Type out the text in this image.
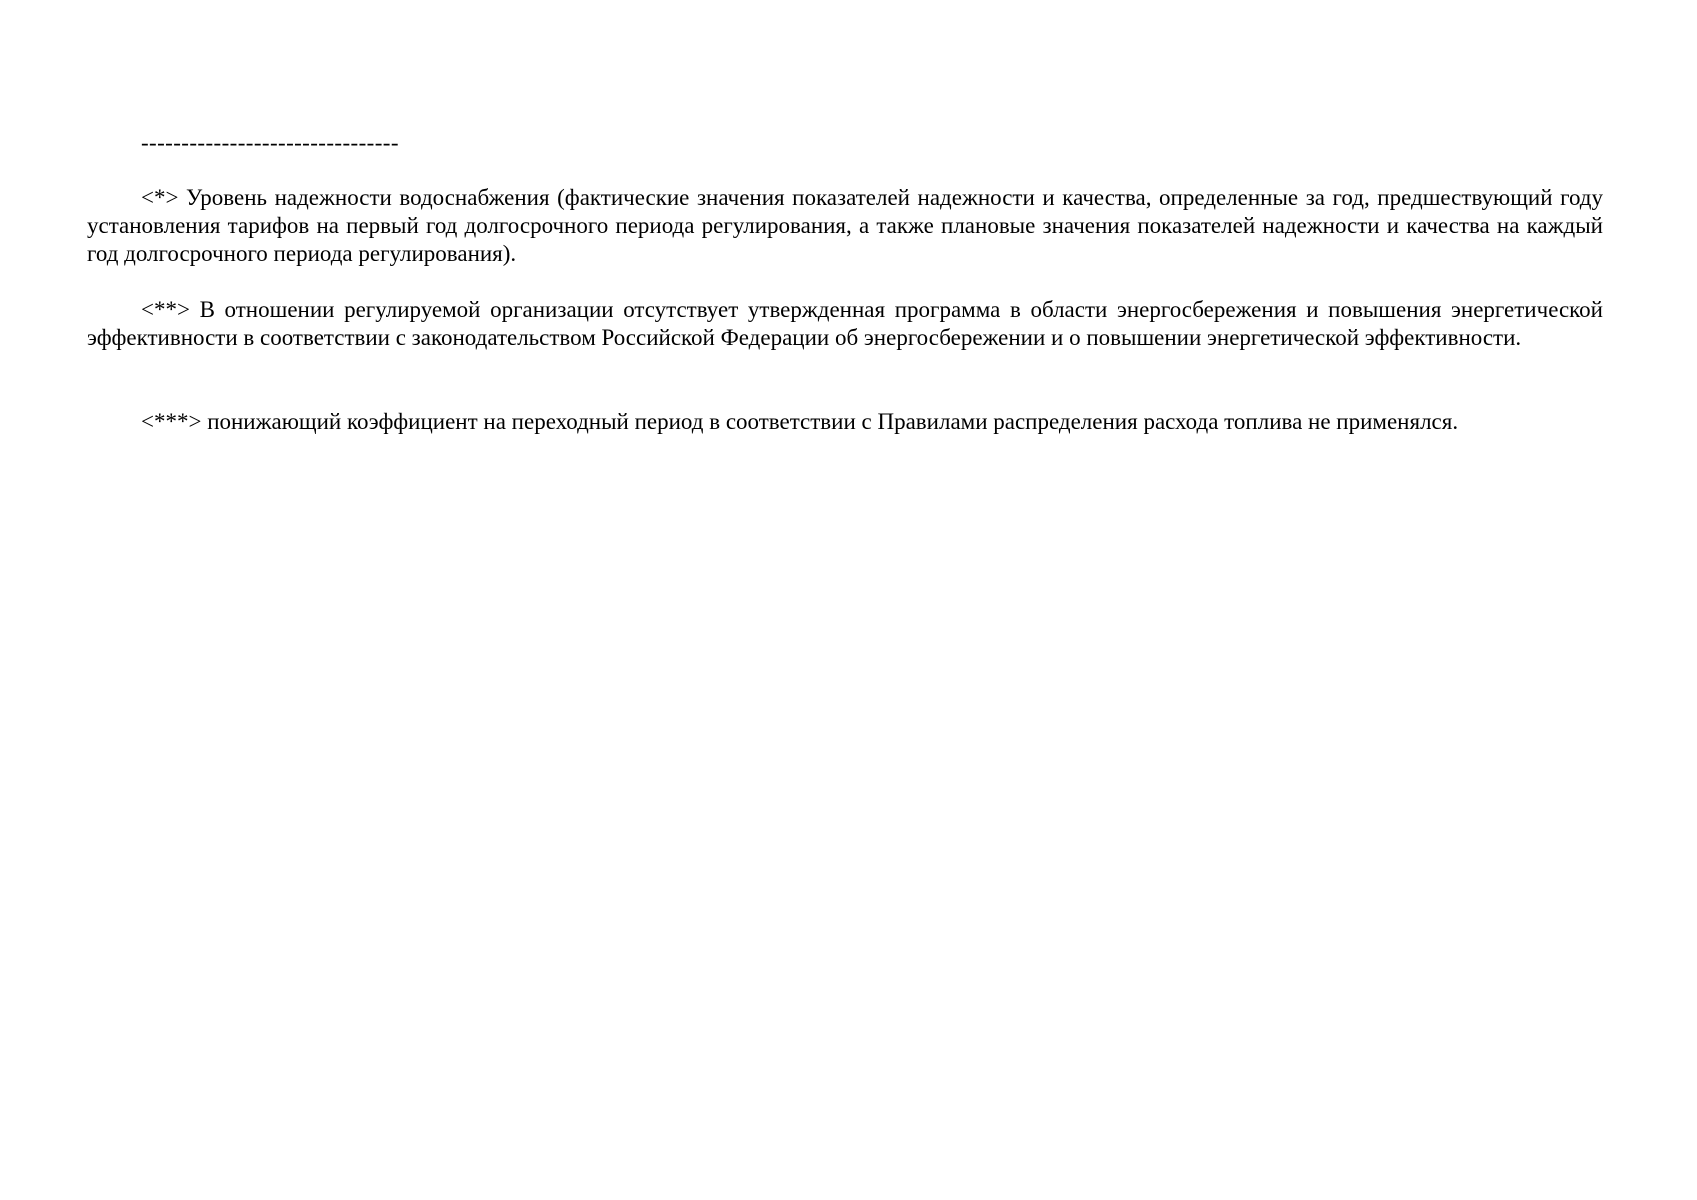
--------------------------------

<*> Уровень надежности водоснабжения (фактические значения показателей надежности и качества, определенные за год, предшествующий году установления тарифов на первый год долгосрочного периода регулирования, а также плановые значения показателей надежности и качества на каждый год долгосрочного периода регулирования).

<**> В отношении регулируемой организации отсутствует утвержденная программа в области энергосбережения и повышения энергетической эффективности в соответствии с законодательством Российской Федерации об энергосбережении и о повышении энергетической эффективности.

<***> понижающий коэффициент на переходный период в соответствии с Правилами распределения расхода топлива не применялся.
